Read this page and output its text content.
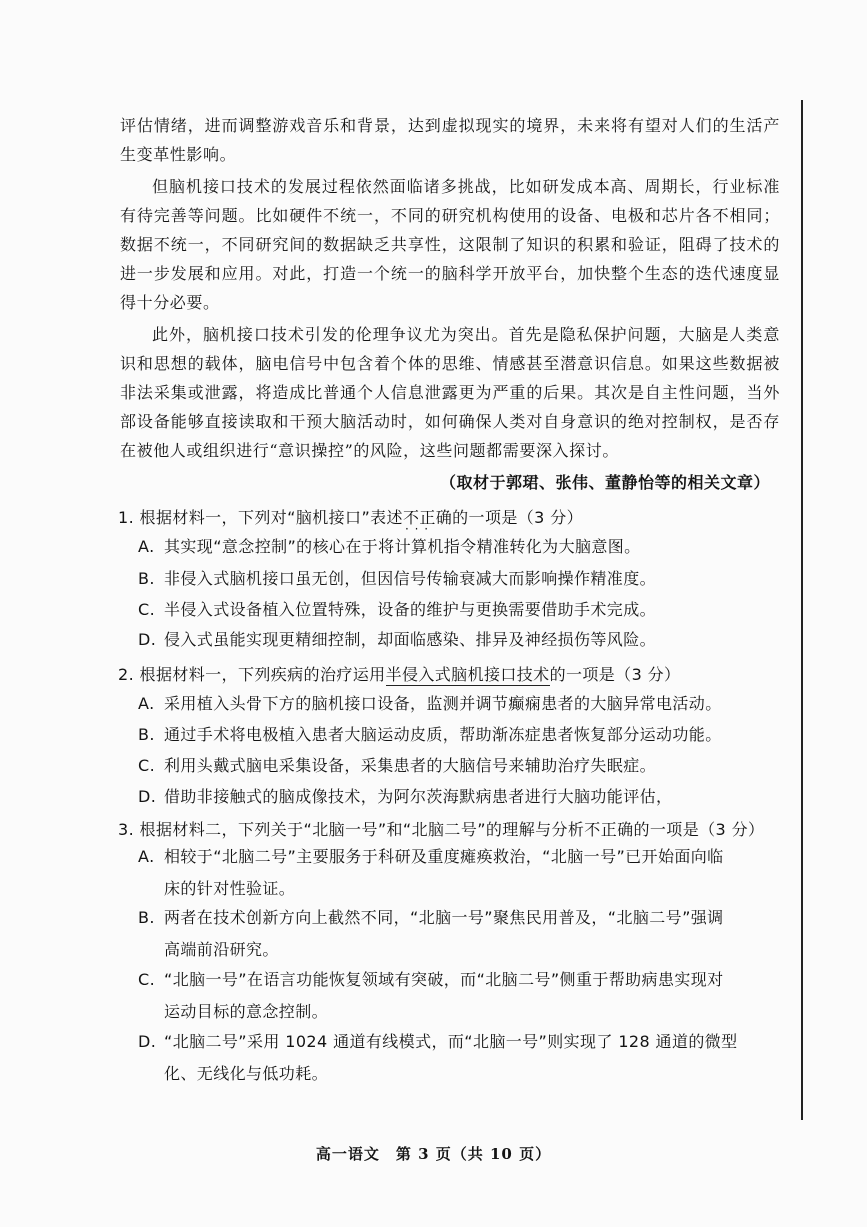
评估情绪，进而调整游戏音乐和背景，达到虚拟现实的境界，未来将有望对人们的生活产生变革性影响。
但脑机接口技术的发展过程依然面临诸多挑战，比如研发成本高、周期长，行业标准有待完善等问题。比如硬件不统一，不同的研究机构使用的设备、电极和芯片各不相同；数据不统一，不同研究间的数据缺乏共享性，这限制了知识的积累和验证，阻碍了技术的进一步发展和应用。对此，打造一个统一的脑科学开放平台，加快整个生态的迭代速度显得十分必要。
此外，脑机接口技术引发的伦理争议尤为突出。首先是隐私保护问题，大脑是人类意识和思想的载体，脑电信号中包含着个体的思维、情感甚至潜意识信息。如果这些数据被非法采集或泄露，将造成比普通个人信息泄露更为严重的后果。其次是自主性问题，当外部设备能够直接读取和干预大脑活动时，如何确保人类对自身意识的绝对控制权，是否存在被他人或组织进行“意识操控”的风险，这些问题都需要深入探讨。
（取材于郭珺、张伟、董静怡等的相关文章）
1. 根据材料一，下列对“脑机接口”表述不正确 · · ·的一项是（3 分）
A. 其实现“意念控制”的核心在于将计算机指令精准转化为大脑意图。
B. 非侵入式脑机接口虽无创，但因信号传输衰减大而影响操作精准度。
C. 半侵入式设备植入位置特殊，设备的维护与更换需要借助手术完成。
D. 侵入式虽能实现更精细控制，却面临感染、排异及神经损伤等风险。
2. 根据材料一，下列疾病的治疗运用半侵入式脑机接口技术的一项是（3 分）
A. 采用植入头骨下方的脑机接口设备，监测并调节癫痫患者的大脑异常电活动。
B. 通过手术将电极植入患者大脑运动皮质，帮助渐冻症患者恢复部分运动功能。
C. 利用头戴式脑电采集设备，采集患者的大脑信号来辅助治疗失眠症。
D. 借助非接触式的脑成像技术，为阿尔茨海默病患者进行大脑功能评估，
3. 根据材料二，下列关于“北脑一号”和“北脑二号”的理解与分析不正确的一项是（3 分）
A. 相较于“北脑二号”主要服务于科研及重度瘫痪救治，“北脑一号”已开始面向临
床的针对性验证。
B. 两者在技术创新方向上截然不同，“北脑一号”聚焦民用普及，“北脑二号”强调
高端前沿研究。
C. “北脑一号”在语言功能恢复领域有突破，而“北脑二号”侧重于帮助病患实现对
运动目标的意念控制。
D. “北脑二号”采用 1024 通道有线模式，而“北脑一号”则实现了 128 通道的微型
化、无线化与低功耗。
高一语文　第 3 页（共 10 页）
